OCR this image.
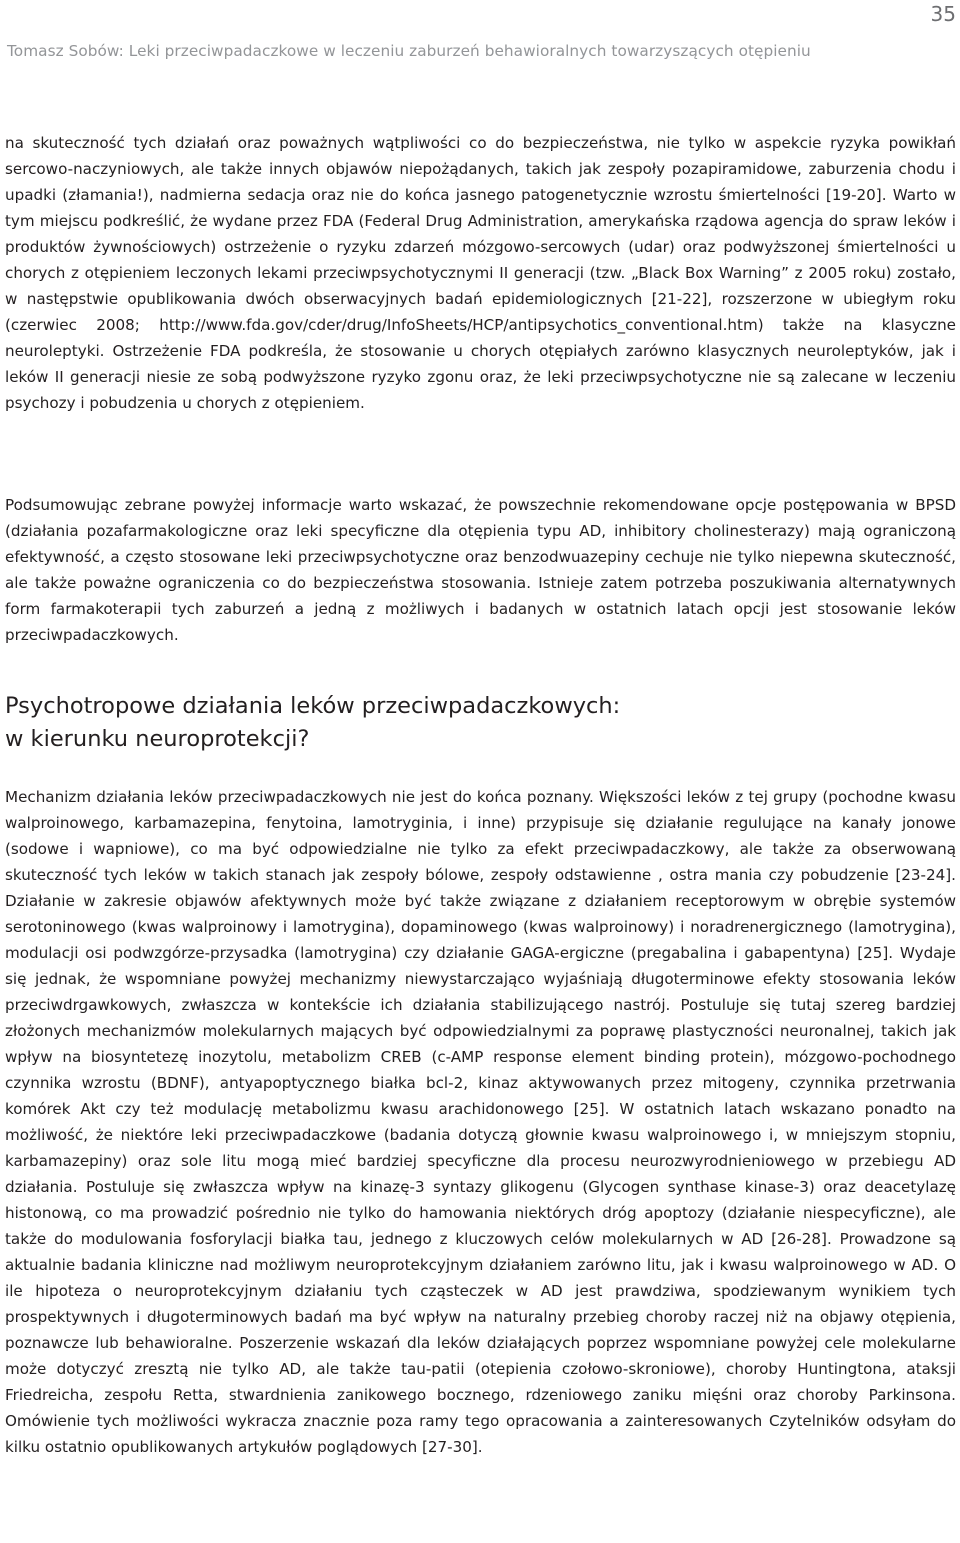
35
Tomasz Sobów: Leki przeciwpadaczkowe w leczeniu zaburzeń behawioralnych towarzyszących otępieniu

na skuteczność tych działań oraz poważnych wątpliwości co do bezpieczeństwa, nie tylko w aspekcie ryzyka powikłań sercowo-naczyniowych, ale także innych objawów niepożądanych, takich jak zespoły pozapiramidowe, zaburzenia chodu i upadki (złamania!), nadmierna sedacja oraz nie do końca jasnego patogenetycznie wzrostu śmiertelności [19-20]. Warto w tym miejscu podkreślić, że wydane przez FDA (Federal Drug Administration, amerykańska rządowa agencja do spraw leków i produktów żywnościowych) ostrzeżenie o ryzyku zdarzeń mózgowo-sercowych (udar) oraz podwyższonej śmiertelności u chorych z otępieniem leczonych lekami przeciwpsychotycznymi II generacji (tzw. „Black Box Warning” z 2005 roku) zostało, w następstwie opublikowania dwóch obserwacyjnych badań epidemiologicznych [21-22], rozszerzone w ubiegłym roku (czerwiec 2008; http://www.fda.gov/cder/drug/InfoSheets/HCP/antipsychotics_conventional.htm) także na klasyczne neuroleptyki. Ostrzeżenie FDA podkreśla, że stosowanie u chorych otępiałych zarówno klasycznych neuroleptyków, jak i leków II generacji niesie ze sobą podwyższone ryzyko zgonu oraz, że leki przeciwpsychotyczne nie są zalecane w leczeniu psychozy i pobudzenia u chorych z otępieniem.

Podsumowując zebrane powyżej informacje warto wskazać, że powszechnie rekomendowane opcje postępowania w BPSD (działania pozafarmakologiczne oraz leki specyficzne dla otępienia typu AD, inhibitory cholinesterazy) mają ograniczoną efektywność, a często stosowane leki przeciwpsychotyczne oraz benzodwuazepiny cechuje nie tylko niepewna skuteczność, ale także poważne ograniczenia co do bezpieczeństwa stosowania. Istnieje zatem potrzeba poszukiwania alternatywnych form farmakoterapii tych zaburzeń a jedną z możliwych i badanych w ostatnich latach opcji jest stosowanie leków przeciwpadaczkowych.

Psychotropowe działania leków przeciwpadaczkowych:
w kierunku neuroprotekcji?

Mechanizm działania leków przeciwpadaczkowych nie jest do końca poznany. Większości leków z tej grupy (pochodne kwasu walproinowego, karbamazepina, fenytoina, lamotryginia, i inne) przypisuje się działanie regulujące na kanały jonowe (sodowe i wapniowe), co ma być odpowiedzialne nie tylko za efekt przeciwpadaczkowy, ale także za obserwowaną skuteczność tych leków w takich stanach jak zespoły bólowe, zespoły odstawienne , ostra mania czy pobudzenie [23-24]. Działanie w zakresie objawów afektywnych może być także związane z działaniem receptorowym w obrębie systemów serotoninowego (kwas walproinowy i lamotrygina), dopaminowego (kwas walproinowy) i noradrenergicznego (lamotrygina), modulacji osi podwzgórze-przysadka (lamotrygina) czy działanie GAGA-ergiczne (pregabalina i gabapentyna) [25]. Wydaje się jednak, że wspomniane powyżej mechanizmy niewystarczająco wyjaśniają długoterminowe efekty stosowania leków przeciwdrgawkowych, zwłaszcza w kontekście ich działania stabilizującego nastrój. Postuluje się tutaj szereg bardziej złożonych mechanizmów molekularnych mających być odpowiedzialnymi za poprawę plastyczności neuronalnej, takich jak wpływ na biosyntetezę inozytolu, metabolizm CREB (c-AMP response element binding protein), mózgowo-pochodnego czynnika wzrostu (BDNF), antyapoptycznego białka bcl-2, kinaz aktywowanych przez mitogeny, czynnika przetrwania komórek Akt czy też modulację metabolizmu kwasu arachidonowego [25]. W ostatnich latach wskazano ponadto na możliwość, że niektóre leki przeciwpadaczkowe (badania dotyczą głownie kwasu walproinowego i, w mniejszym stopniu, karbamazepiny) oraz sole litu mogą mieć bardziej specyficzne dla procesu neurozwyrodnieniowego w przebiegu AD działania. Postuluje się zwłaszcza wpływ na kinazę-3 syntazy glikogenu (Glycogen synthase kinase-3) oraz deacetylazę histonową, co ma prowadzić pośrednio nie tylko do hamowania niektórych dróg apoptozy (działanie niespecyficzne), ale także do modulowania fosforylacji białka tau, jednego z kluczowych celów molekularnych w AD [26-28]. Prowadzone są aktualnie badania kliniczne nad możliwym neuroprotekcyjnym działaniem zarówno litu, jak i kwasu walproinowego w AD. O ile hipoteza o neuroprotekcyjnym działaniu tych cząsteczek w AD jest prawdziwa, spodziewanym wynikiem tych prospektywnych i długoterminowych badań ma być wpływ na naturalny przebieg choroby raczej niż na objawy otępienia, poznawcze lub behawioralne. Poszerzenie wskazań dla leków działających poprzez wspomniane powyżej cele molekularne może dotyczyć zresztą nie tylko AD, ale także tau-patii (otepienia czołowo-skroniowe), choroby Huntingtona, ataksji Friedreicha, zespołu Retta, stwardnienia zanikowego bocznego, rdzeniowego zaniku mięśni oraz choroby Parkinsona. Omówienie tych możliwości wykracza znacznie poza ramy tego opracowania a zainteresowanych Czytelników odsyłam do kilku ostatnio opublikowanych artykułów poglądowych [27-30].
